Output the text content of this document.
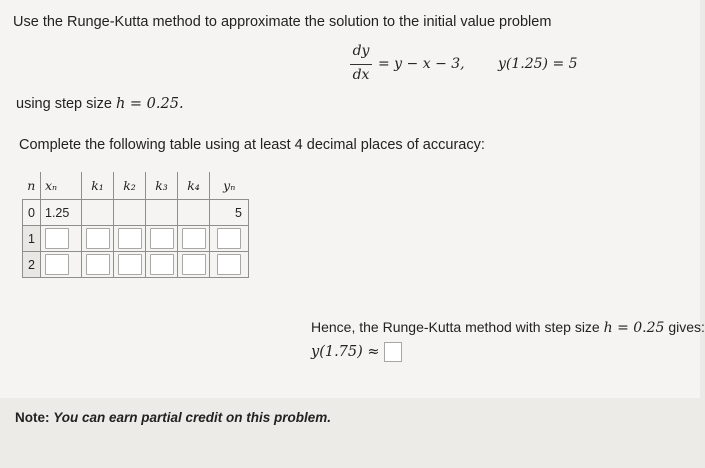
Use the Runge-Kutta method to approximate the solution to the initial value problem
dy
dx
= y − x − 3, y(1.25) = 5
using step size h = 0.25.
Complete the following table using at least 4 decimal places of accuracy:
n	xₙ	k₁	k₂	k₃	k₄	yₙ
0	1.25					5
1						
2						
Hence, the Runge-Kutta method with step size h = 0.25 gives:
y(1.75) ≈
Note: You can earn partial credit on this problem.
